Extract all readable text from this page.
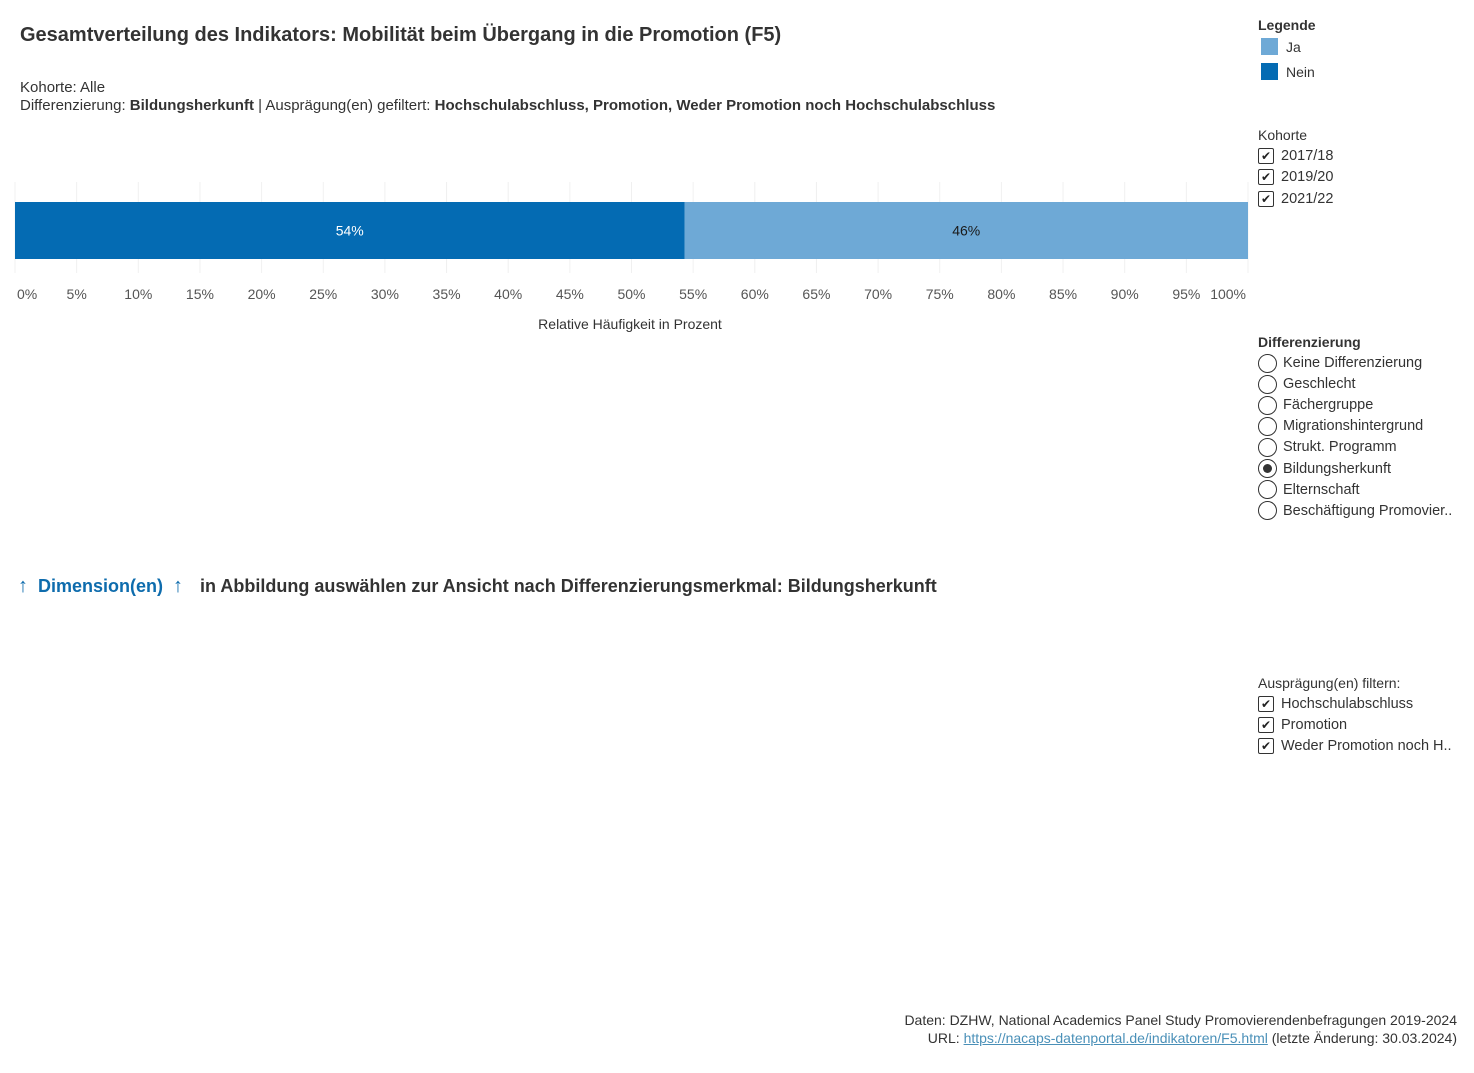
Gesamtverteilung des Indikators: Mobilität beim Übergang in die Promotion (F5)
Kohorte: Alle
Differenzierung: Bildungsherkunft | Ausprägung(en) gefiltert: Hochschulabschluss, Promotion, Weder Promotion noch Hochschulabschluss
54%	46%
0% 5%	10% 15% 20% 25% 30% 35% 40% 45% 50% 55% 60% 65% 70% 75% 80% 85% 90% 95% 100%
Relative Häufigkeit in Prozent
Legende
Ja
Nein
Kohorte
✔ 2017/18
✔ 2019/20
✔ 2021/22
Differenzierung
Keine Differenzierung
Geschlecht
Fächergruppe
Migrationshintergrund
Strukt. Programm
Bildungsherkunft
Elternschaft
Beschäftigung Promovier..
↑ Dimension(en) ↑ in Abbildung auswählen zur Ansicht nach Differenzierungsmerkmal: Bildungsherkunft
Ausprägung(en) filtern:
✔ Hochschulabschluss
✔ Promotion
✔ Weder Promotion noch H..
Daten: DZHW, National Academics Panel Study Promovierendenbefragungen 2019-2024
URL: https://nacaps-datenportal.de/indikatoren/F5.html (letzte Änderung: 30.03.2024)
